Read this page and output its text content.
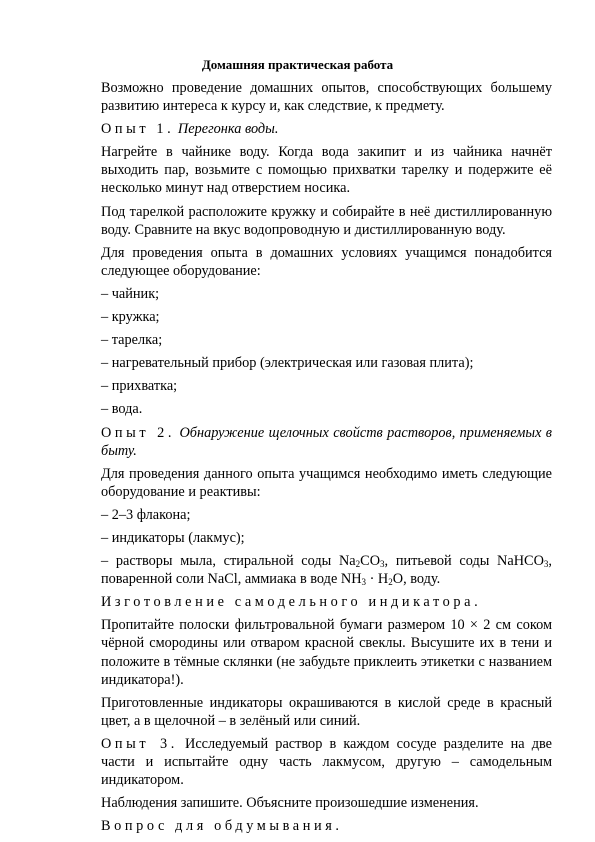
Домашняя практическая работа

Возможно проведение домашних опытов, способствующих большему развитию интереса к курсу и, как следствие, к предмету.

Опыт 1. Перегонка воды.

Нагрейте в чайнике воду. Когда вода закипит и из чайника начнёт выходить пар, возьмите с помощью прихватки тарелку и подержите её несколько минут над отверстием носика.

Под тарелкой расположите кружку и собирайте в неё дистиллированную воду. Сравните на вкус водопроводную и дистиллированную воду.

Для проведения опыта в домашних условиях учащимся понадобится следующее оборудование:

– чайник;

– кружка;

– тарелка;

– нагревательный прибор (электрическая или газовая плита);

– прихватка;

– вода.

Опыт 2. Обнаружение щелочных свойств растворов, применяемых в быту.

Для проведения данного опыта учащимся необходимо иметь следующие оборудование и реактивы:

– 2–3 флакона;

– индикаторы (лакмус);

– растворы мыла, стиральной соды $Na_2CO_3$, питьевой соды NaHCO$_3$, поваренной соли NaCl, аммиака в воде $NH_3 \cdot H_2O$, воду.

Изготовление самодельного индикатора.

Пропитайте полоски фильтровальной бумаги размером 10 × 2 см соком чёрной смородины или отваром красной свеклы. Высушите их в тени и положите в тёмные склянки (не забудьте приклеить этикетки с названием индикатора!).

Приготовленные индикаторы окрашиваются в кислой среде в красный цвет, а в щелочной – в зелёный или синий.

Опыт 3. Исследуемый раствор в каждом сосуде разделите на две части и испытайте одну часть лакмусом, другую – самодельным индикатором.

Наблюдения запишите. Объясните произошедшие изменения.

Вопрос для обдумывания.
